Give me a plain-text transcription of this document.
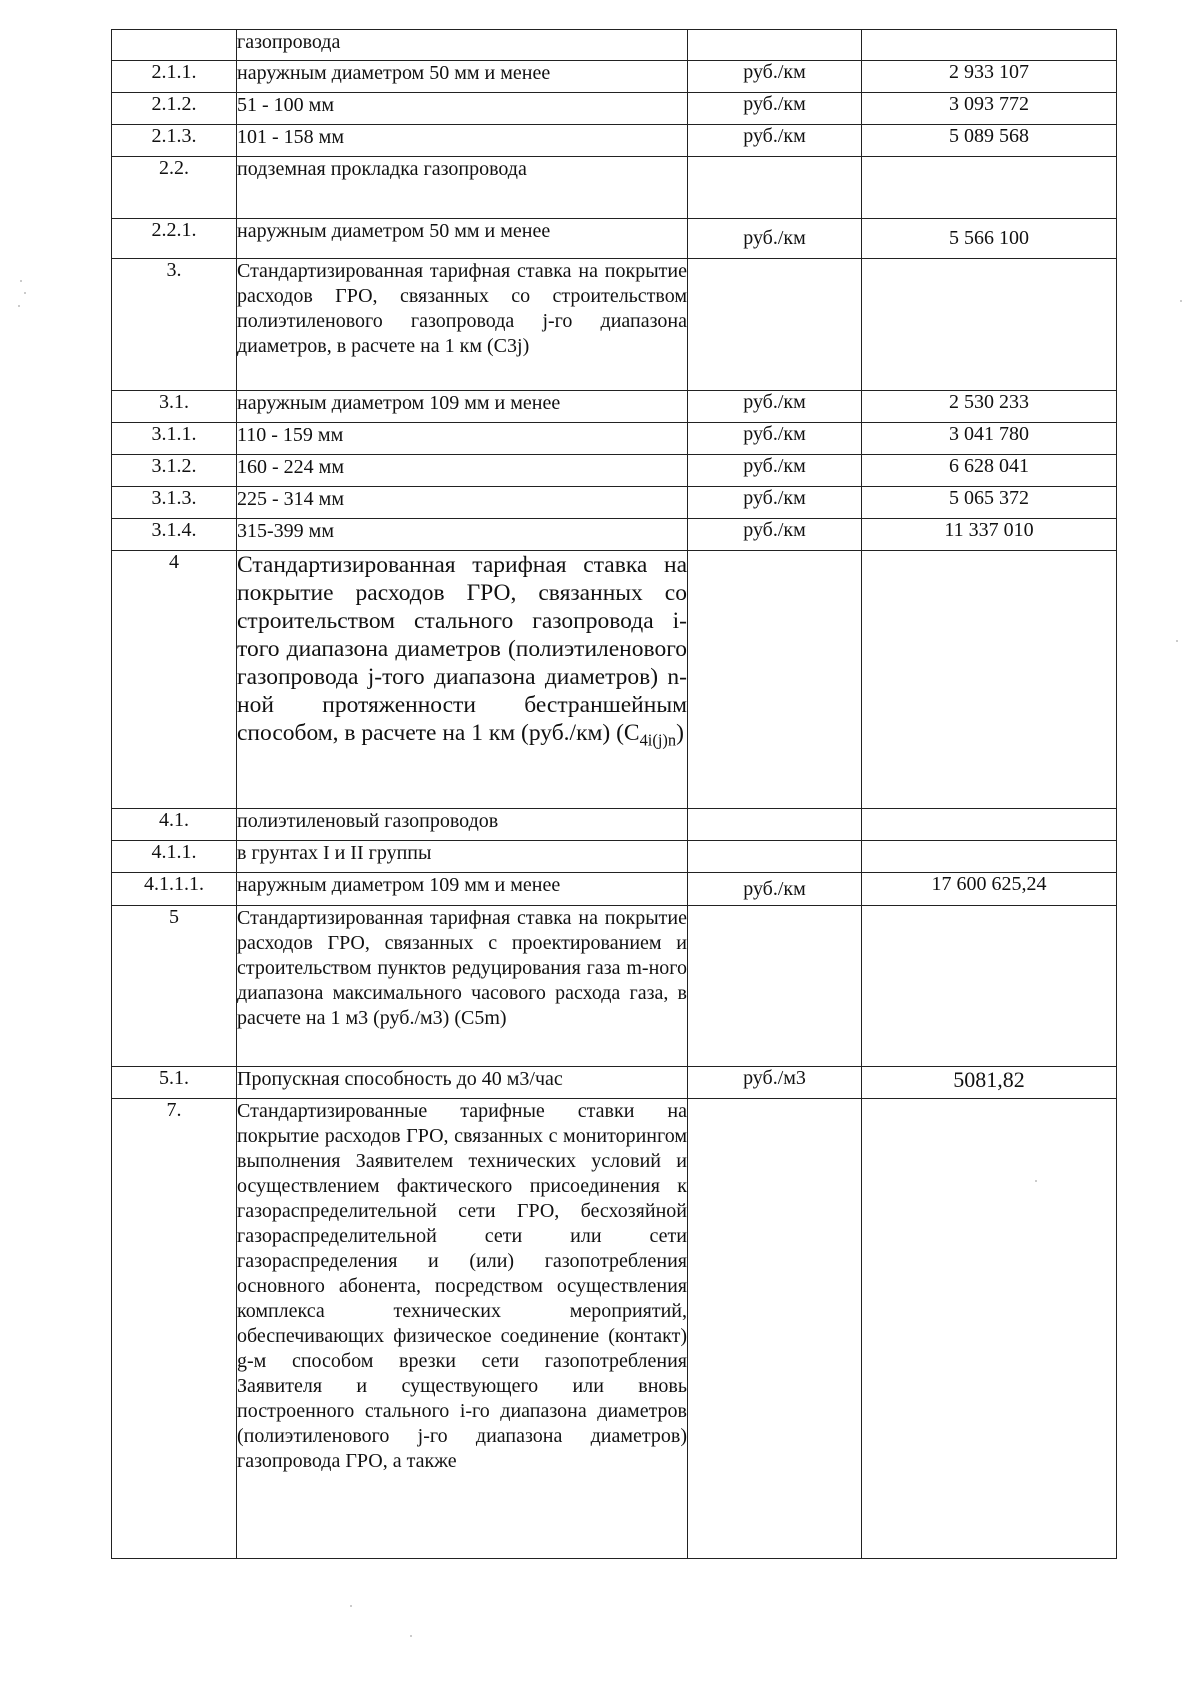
	газопровода		
2.1.1.	наружным диаметром 50 мм и менее	руб./км	2 933 107
2.1.2.	51 - 100 мм	руб./км	3 093 772
2.1.3.	101 - 158 мм	руб./км	5 089 568
2.2.	подземная прокладка газопровода		
2.2.1.	наружным диаметром 50 мм и менее	руб./км	5 566 100
3.	Стандартизированная тарифная ставка на покрытие расходов ГРО, связанных со строительством полиэтиленового газопровода j-го диапазона диаметров, в расчете на 1 км (С3j)		
3.1.	наружным диаметром 109 мм и менее	руб./км	2 530 233
3.1.1.	110 - 159 мм	руб./км	3 041 780
3.1.2.	160 - 224 мм	руб./км	6 628 041
3.1.3.	225 - 314 мм	руб./км	5 065 372
3.1.4.	315-399 мм	руб./км	11 337 010
4	Стандартизированная тарифная ставка на покрытие расходов ГРО, связанных со строительством стального газопровода i-того диапазона диаметров (полиэтиленового газопровода j-того диапазона диаметров) n-ной протяженности бестраншейным способом, в расчете на 1 км (руб./км) $(С_{4i(j)n})$		
4.1.	полиэтиленовый газопроводов		
4.1.1.	в грунтах I и II группы		
4.1.1.1.	наружным диаметром 109 мм и менее	руб./км	17 600 625,24
5	Стандартизированная тарифная ставка на покрытие расходов ГРО, связанных с проектированием и строительством пунктов редуцирования газа m-ного диапазона максимального часового расхода газа, в расчете на 1 м3 (руб./м3) (С5m)		
5.1.	Пропускная способность до 40 м3/час	руб./м3	5081,82
7.	Стандартизированные тарифные ставки на покрытие расходов ГРО, связанных с мониторингом выполнения Заявителем технических условий и осуществлением фактического присоединения к газораспределительной сети ГРО, бесхозяйной газораспределительной сети или сети газораспределения и (или) газопотребления основного абонента, посредством осуществления комплекса технических мероприятий, обеспечивающих физическое соединение (контакт) g-м способом врезки сети газопотребления Заявителя и существующего или вновь построенного стального i-го диапазона диаметров (полиэтиленового j-го диапазона диаметров) газопровода ГРО, а также		
